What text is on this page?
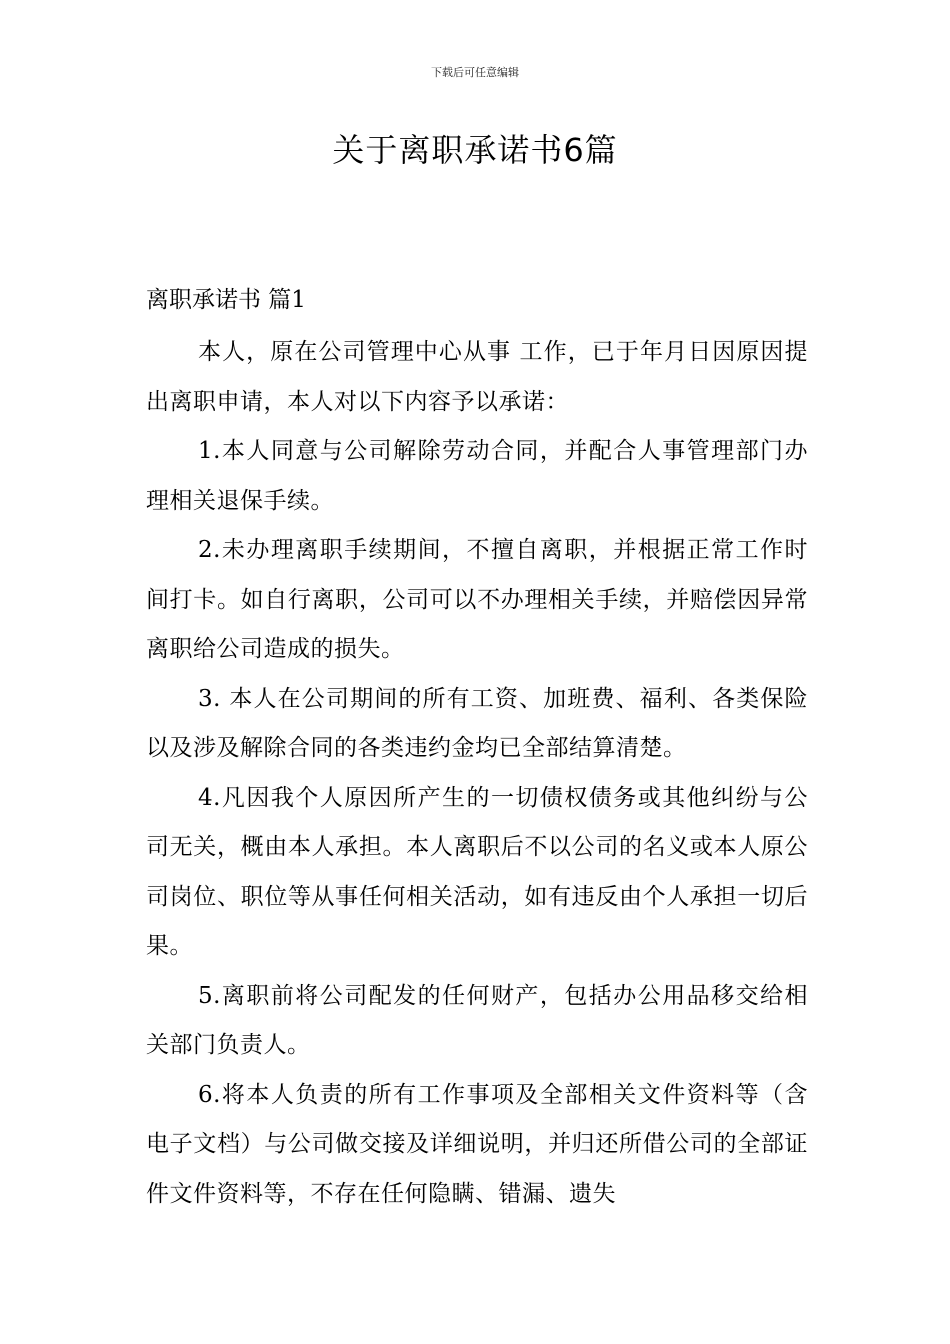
下载后可任意编辑
关于离职承诺书6篇
离职承诺书 篇1

本人，原在公司管理中心从事 工作，已于年月日因原因提出离职申请，本人对以下内容予以承诺：

1.本人同意与公司解除劳动合同，并配合人事管理部门办理相关退保手续。

2.未办理离职手续期间，不擅自离职，并根据正常工作时间打卡。如自行离职，公司可以不办理相关手续，并赔偿因异常离职给公司造成的损失。

3. 本人在公司期间的所有工资、加班费、福利、各类保险以及涉及解除合同的各类违约金均已全部结算清楚。

4.凡因我个人原因所产生的一切债权债务或其他纠纷与公司无关，概由本人承担。本人离职后不以公司的名义或本人原公司岗位、职位等从事任何相关活动，如有违反由个人承担一切后果。

5.离职前将公司配发的任何财产，包括办公用品移交给相关部门负责人。

6.将本人负责的所有工作事项及全部相关文件资料等（含电子文档）与公司做交接及详细说明，并归还所借公司的全部证件文件资料等，不存在任何隐瞒、错漏、遗失
